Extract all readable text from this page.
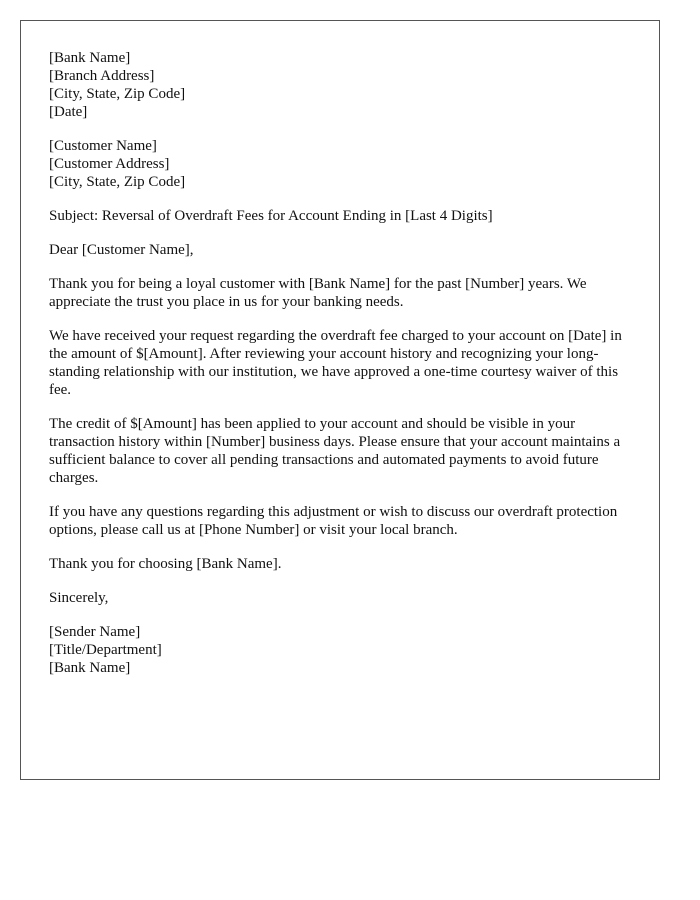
[Bank Name]
[Branch Address]
[City, State, Zip Code]
[Date]
[Customer Name]
[Customer Address]
[City, State, Zip Code]

Subject: Reversal of Overdraft Fees for Account Ending in [Last 4 Digits]

Dear [Customer Name],

Thank you for being a loyal customer with [Bank Name] for the past [Number] years. We appreciate the trust you place in us for your banking needs.

We have received your request regarding the overdraft fee charged to your account on [Date] in the amount of $[Amount]. After reviewing your account history and recognizing your long-standing relationship with our institution, we have approved a one-time courtesy waiver of this fee.

The credit of $[Amount] has been applied to your account and should be visible in your transaction history within [Number] business days. Please ensure that your account maintains a sufficient balance to cover all pending transactions and automated payments to avoid future charges.

If you have any questions regarding this adjustment or wish to discuss our overdraft protection options, please call us at [Phone Number] or visit your local branch.

Thank you for choosing [Bank Name].

Sincerely,

[Sender Name]
[Title/Department]
[Bank Name]
